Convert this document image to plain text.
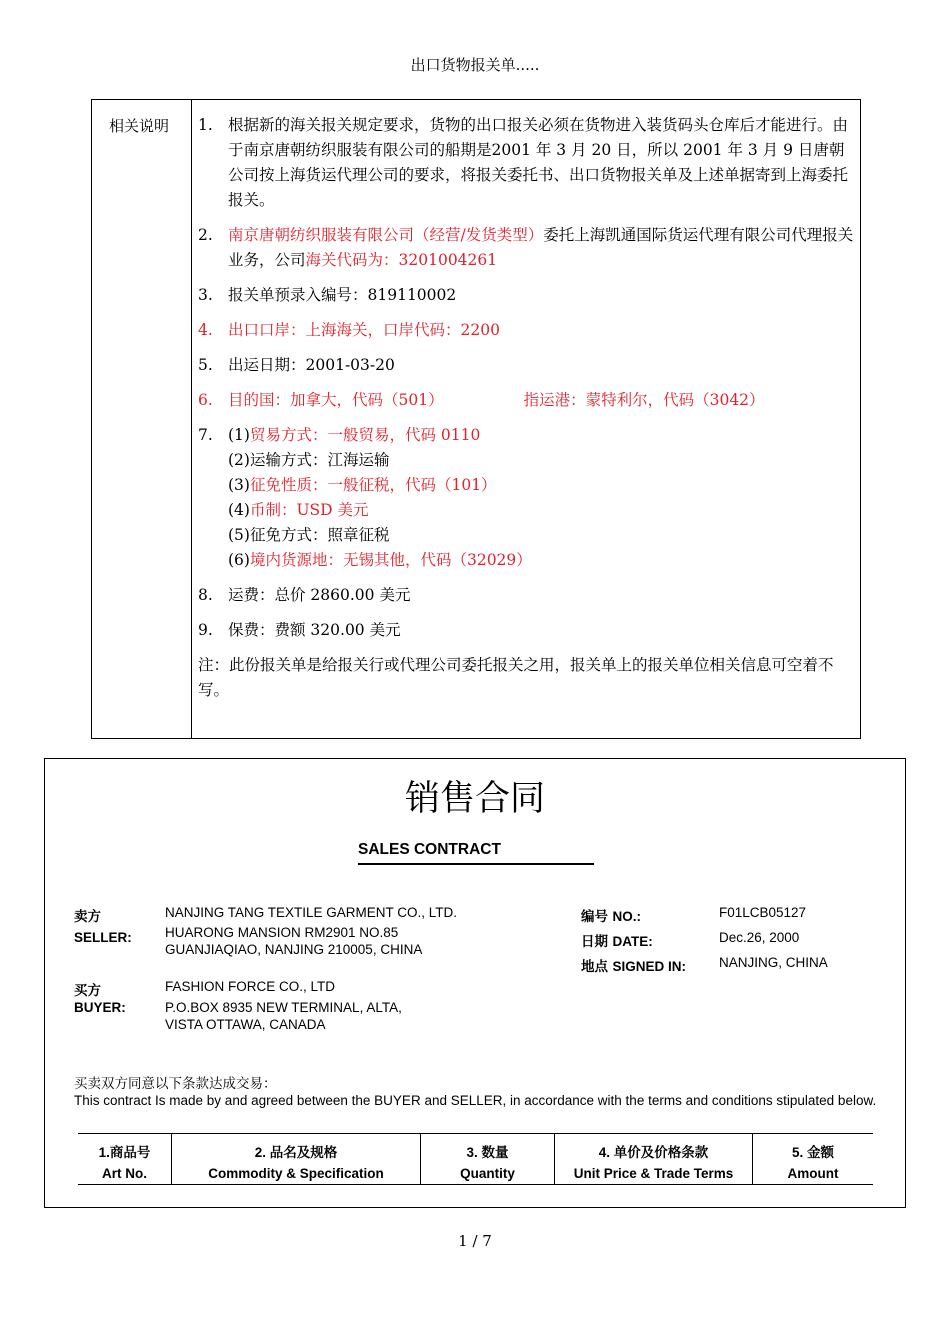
出口货物报关单.....
相关说明 1. 根据新的海关报关规定要求，货物的出口报关必须在货物进入装货码头仓库后才能进行。由于南京唐朝纺织服装有限公司的船期是2001 年 3 月 20 日，所以 2001 年 3 月 9 日唐朝公司按上海货运代理公司的要求，将报关委托书、出口货物报关单及上述单据寄到上海委托报关。
2. 南京唐朝纺织服装有限公司（经营/发货类型）委托上海凯通国际货运代理有限公司代理报关业务，公司海关代码为：3201004261
3. 报关单预录入编号：819110002
4. 出口口岸：上海海关，口岸代码：2200
5. 出运日期：2001-03-20
6. 目的国：加拿大，代码（501）	指运港：蒙特利尔，代码（3042）
7. (1)贸易方式：一般贸易，代码 0110
(2)运输方式：江海运输
(3)征免性质：一般征税，代码（101）
(4)币制：USD 美元
(5)征免方式：照章征税
(6)境内货源地：无锡其他，代码（32029）
8. 运费：总价 2860.00 美元
9. 保费：费额 320.00 美元
注：此份报关单是给报关行或代理公司委托报关之用，报关单上的报关单位相关信息可空着不写。
销售合同
SALES CONTRACT
卖方
SELLER:
NANJING TANG TEXTILE GARMENT CO., LTD.
HUARONG MANSION RM2901 NO.85
GUANJIAQIAO, NANJING 210005, CHINA
编号 NO.:	F01LCB05127
日期 DATE:	Dec.26, 2000
地点 SIGNED IN: NANJING, CHINA
买方
BUYER:
FASHION FORCE CO., LTD
P.O.BOX 8935 NEW TERMINAL, ALTA,
VISTA OTTAWA, CANADA
买卖双方同意以下条款达成交易：
This contract Is made by and agreed between the BUYER and SELLER, in accordance with the terms and conditions stipulated below.
1.商品号
Art No.
2. 品名及规格
Commodity & Specification
3. 数量
Quantity
4. 单价及价格条款
Unit Price & Trade Terms
5. 金额
Amount
1 / 7
